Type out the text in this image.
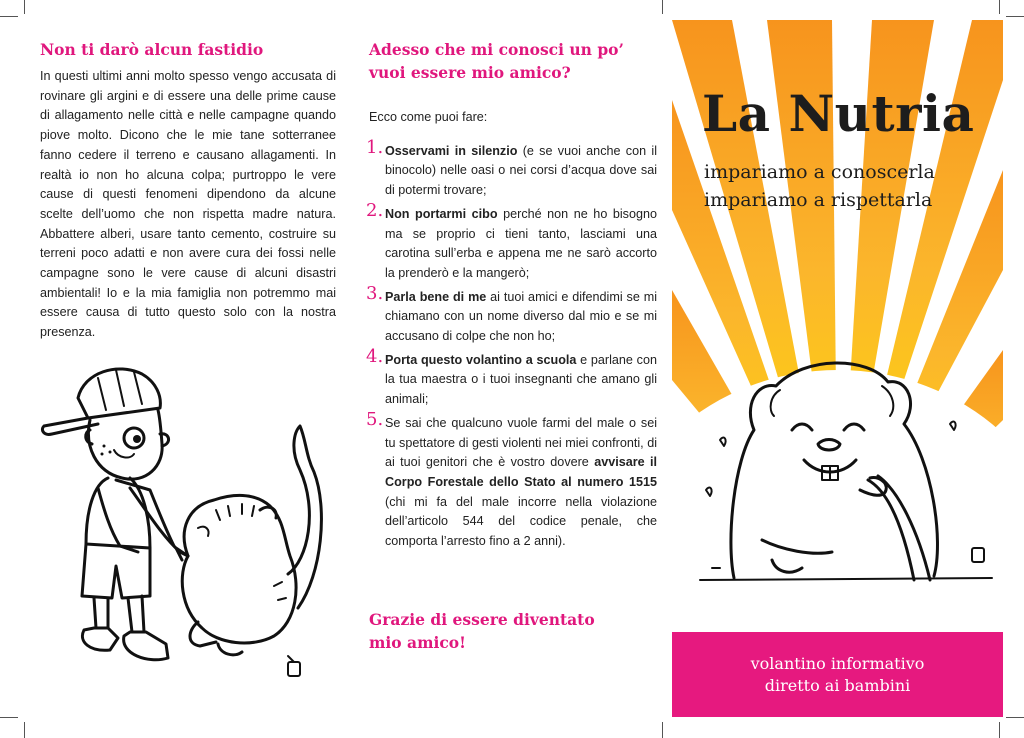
Non ti darò alcun fastidio

In questi ultimi anni molto spesso vengo accusata di rovinare gli argini e di essere una delle prime cause di allagamento nelle città e nelle campagne quando piove molto. Dicono che le mie tane sotterranee fanno cedere il terreno e causano allagamenti. In realtà io non ho alcuna colpa; purtroppo le vere cause di questi fenomeni dipendono da alcune scelte dell’uomo che non rispetta madre natura. Abbattere alberi, usare tanto cemento, costruire su terreni poco adatti e non avere cura dei fossi nelle campagne sono le vere cause di alcuni disastri ambientali! Io e la mia famiglia non potremmo mai essere causa di tutto questo solo con la nostra presenza.

Adesso che mi conosci un po’
vuoi essere mio amico?

Ecco come puoi fare:

1. Osservami in silenzio (e se vuoi anche con il binocolo) nelle oasi o nei corsi d’acqua dove sai di potermi trovare;
2. Non portarmi cibo perché non ne ho bisogno ma se proprio ci tieni tanto, lasciami una carotina sull’erba e appena me ne sarò accorto la prenderò e la mangerò;
3. Parla bene di me ai tuoi amici e difendimi se mi chiamano con un nome diverso dal mio e se mi accusano di colpe che non ho;
4. Porta questo volantino a scuola e parlane con la tua maestra o i tuoi insegnanti che amano gli animali;
5. Se sai che qualcuno vuole farmi del male o sei tu spettatore di gesti violenti nei miei confronti, di ai tuoi genitori che è vostro dovere avvisare il Corpo Forestale dello Stato al numero 1515 (chi mi fa del male incorre nella violazione dell’articolo 544 del codice penale, che comporta l’arresto fino a 2 anni).
Grazie di essere diventato
mio amico!
La Nutria

impariamo a conoscerla
impariamo a rispettarla

volantino informativo
diretto ai bambini
